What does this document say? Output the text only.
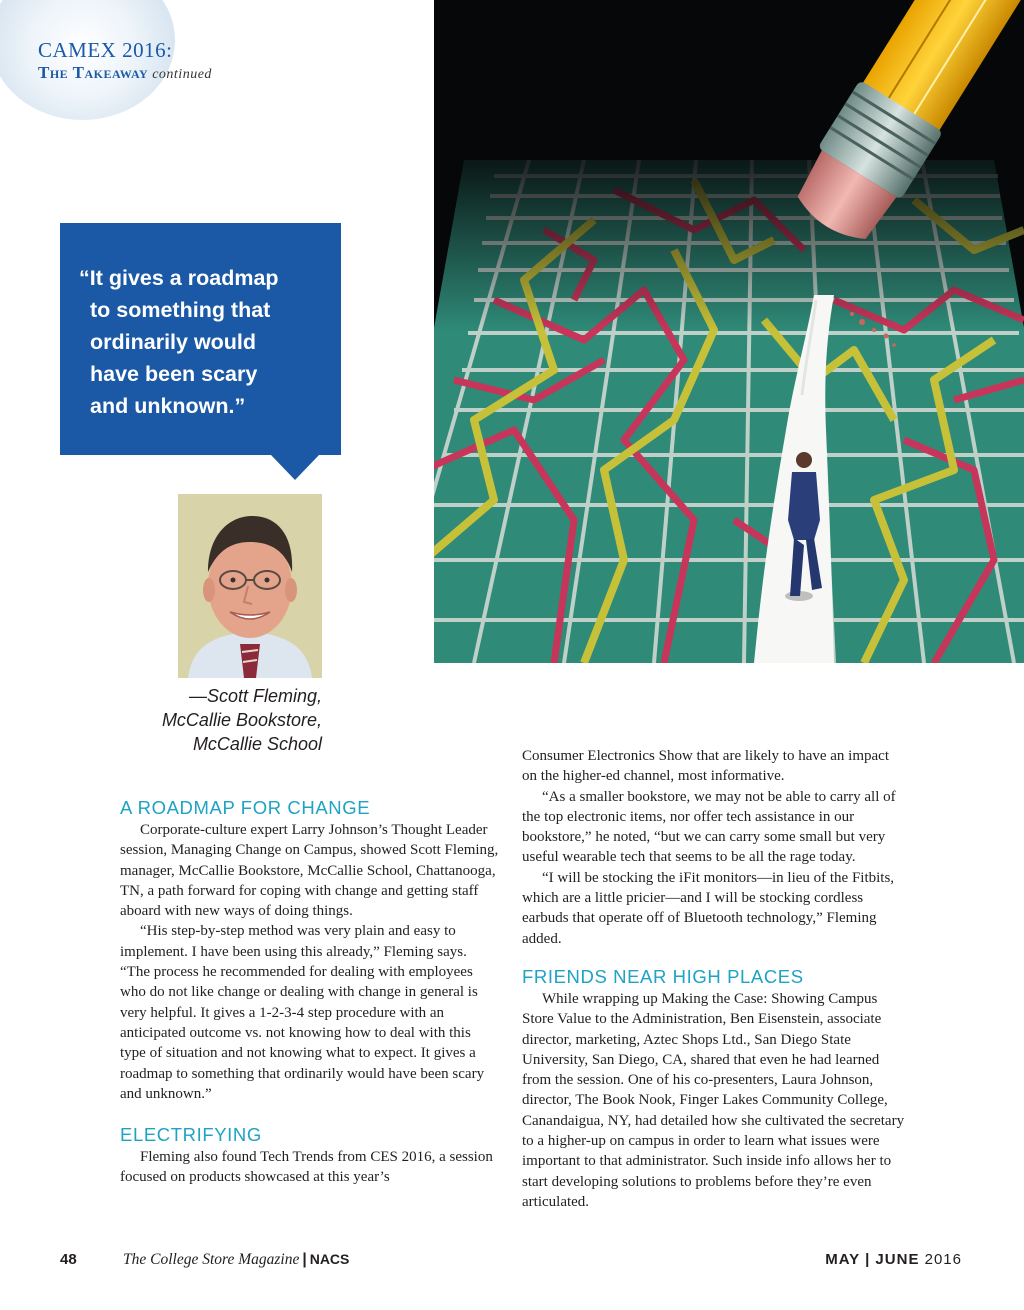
CAMEX 2016:
The Takeaway continued
“It gives a roadmap
to something that
ordinarily would
have been scary
and unknown.”
—Scott Fleming,
McCallie Bookstore,
McCallie School
A ROADMAP FOR CHANGE

Corporate-culture expert Larry Johnson’s Thought Leader session, Managing Change on Campus, showed Scott Fleming, manager, McCallie Bookstore, McCallie School, Chattanooga, TN, a path forward for coping with change and getting staff aboard with new ways of doing things.

“His step-by-step method was very plain and easy to implement. I have been using this already,” Fleming says. “The process he recommended for dealing with employees who do not like change or dealing with change in general is very helpful. It gives a 1-2-3-4 step procedure with an anticipated outcome vs. not knowing how to deal with this type of situation and not knowing what to expect. It gives a roadmap to something that ordinarily would have been scary and unknown.”

ELECTRIFYING

Fleming also found Tech Trends from CES 2016, a session focused on products showcased at this year’s

Consumer Electronics Show that are likely to have an impact on the higher-ed channel, most informative.

“As a smaller bookstore, we may not be able to carry all of the top electronic items, nor offer tech assistance in our bookstore,” he noted, “but we can carry some small but very useful wearable tech that seems to be all the rage today.

“I will be stocking the iFit monitors—in lieu of the Fitbits, which are a little pricier—and I will be stocking cordless earbuds that operate off of Bluetooth technology,” Fleming added.

FRIENDS NEAR HIGH PLACES

While wrapping up Making the Case: Showing Campus Store Value to the Administration, Ben Eisenstein, associate director, marketing, Aztec Shops Ltd., San Diego State University, San Diego, CA, shared that even he had learned from the session. One of his co-presenters, Laura Johnson, director, The Book Nook, Finger Lakes Community College, Canandaigua, NY, had detailed how she cultivated the secretary to a higher-up on campus in order to learn what issues were important to that administrator. Such inside info allows her to start developing solutions to problems before they’re even articulated.

48	The College Store Magazine | NACS	MAY | JUNE 2016
